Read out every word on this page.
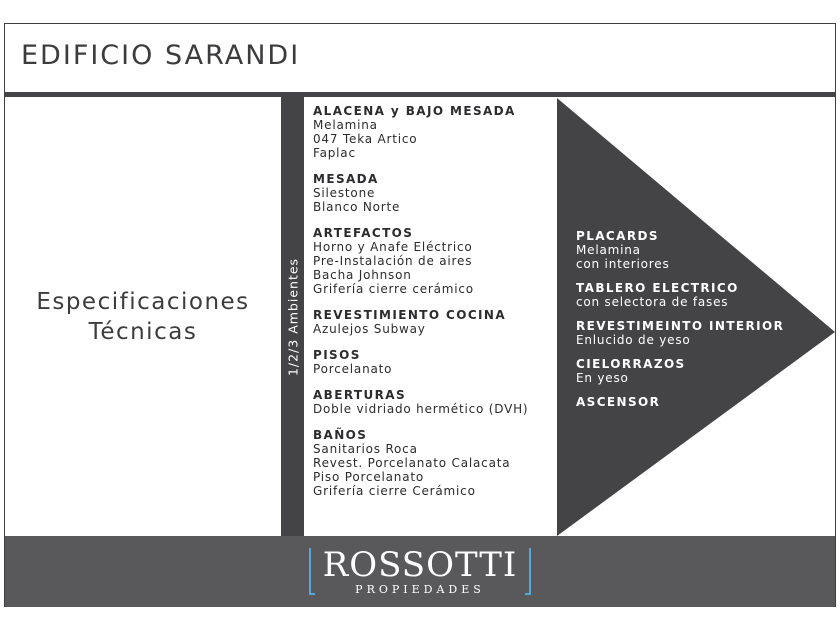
EDIFICIO SARANDI
Especificaciones
Técnicas	1/2/3 Ambientes
ALACENA y BAJO MESADA
Melamina
047 Teka Artico
Faplac
MESADA
Silestone
Blanco Norte
ARTEFACTOS
Horno y Anafe Eléctrico
Pre-Instalación de aires
Bacha Johnson
Grifería cierre cerámico
REVESTIMIENTO COCINA
Azulejos Subway
PISOS
Porcelanato
ABERTURAS
Doble vidriado hermético (DVH)
BAÑOS
Sanitarios Roca
Revest. Porcelanato Calacata
Piso Porcelanato
Grifería cierre Cerámico
PLACARDS
Melamina
con interiores
TABLERO ELECTRICO
con selectora de fases
REVESTIMEINTO INTERIOR
Enlucido de yeso
CIELORRAZOS
En yeso
ASCENSOR
ROSSOTTI
PROPIEDADES
